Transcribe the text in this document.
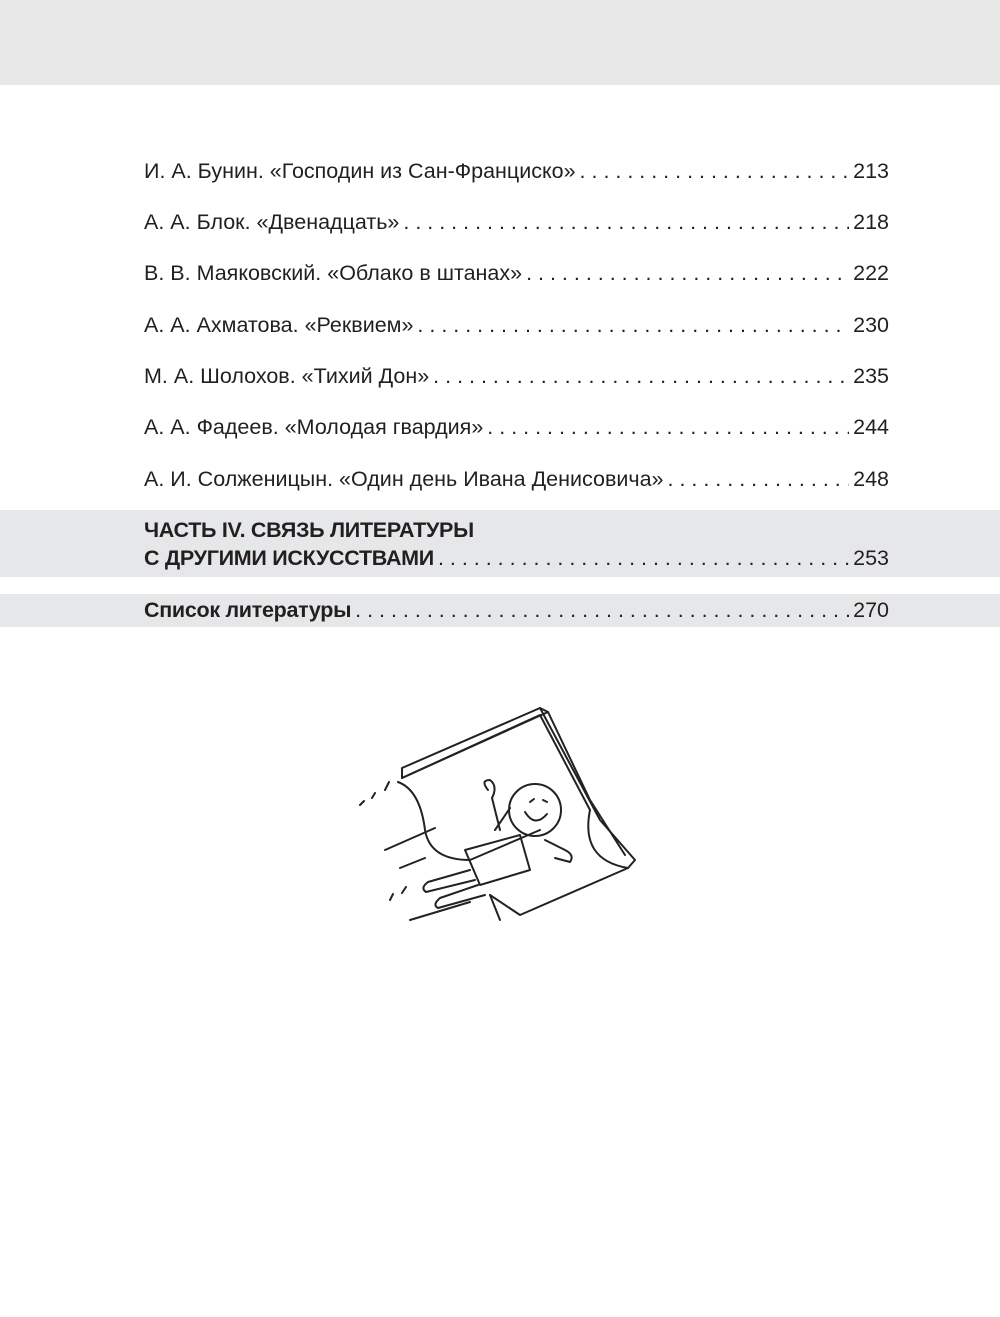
И. А. Бунин. «Господин из Сан-Франциско» . . .	213
А. А. Блок. «Двенадцать» . . .	218
В. В. Маяковский. «Облако в штанах» . . .	222
А. А. Ахматова. «Реквием» . . .	230
М. А. Шолохов. «Тихий Дон» . . .	235
А. А. Фадеев. «Молодая гвардия» . . .	244
А. И. Солженицын. «Один день Ивана Денисовича» . . .	248
ЧАСТЬ IV. СВЯЗЬ ЛИТЕРАТУРЫ
С ДРУГИМИ ИСКУССТВАМИ . . .	253
Список литературы . . .	270
